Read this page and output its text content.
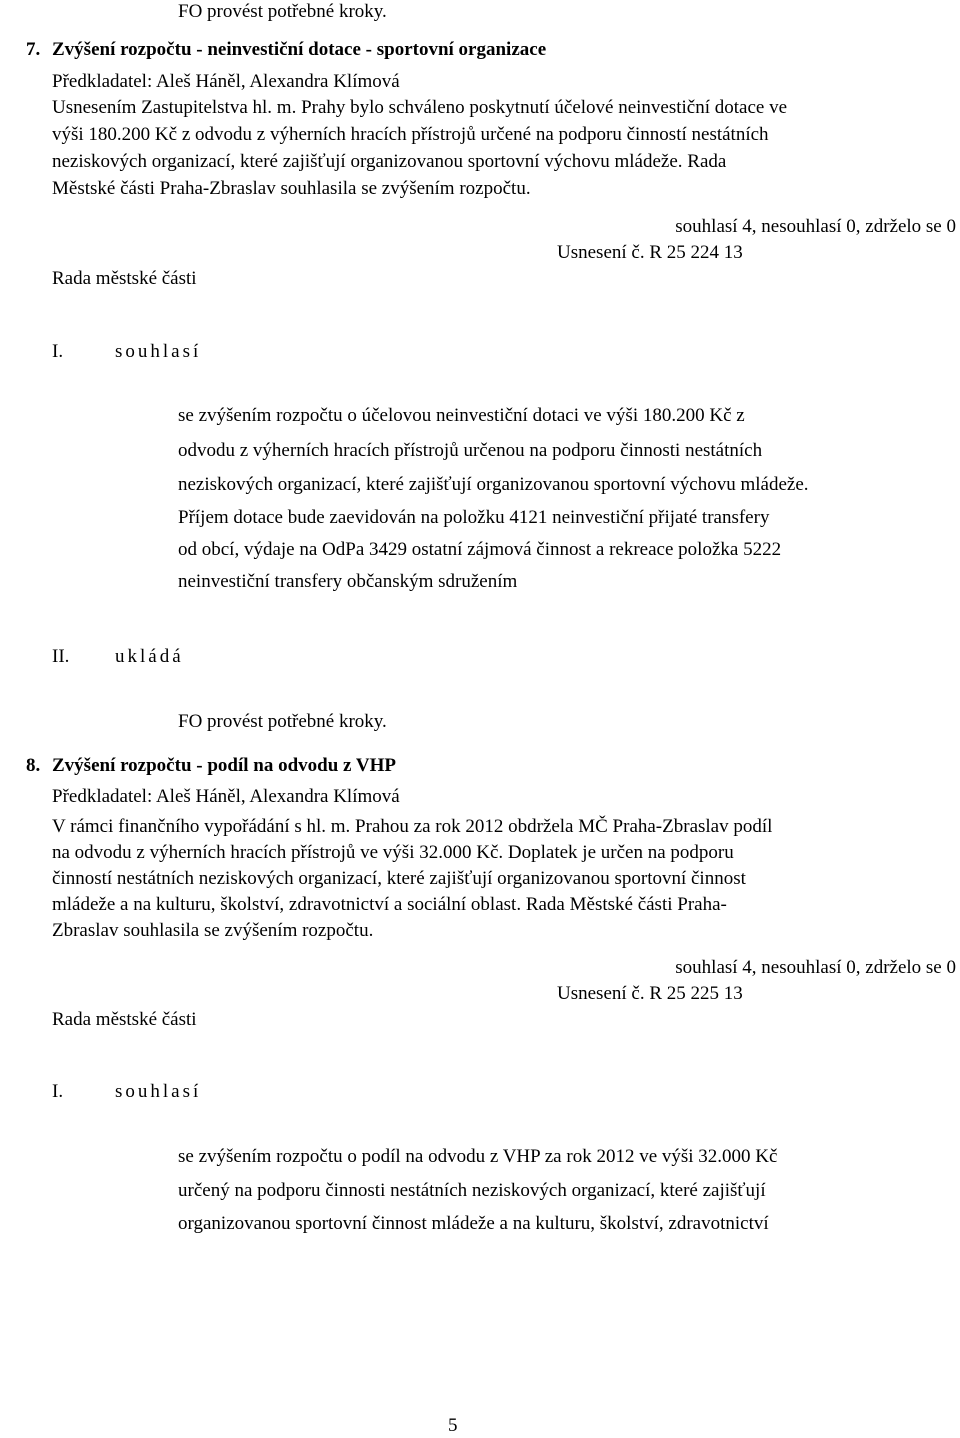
FO provést potřebné kroky.
7. Zvýšení rozpočtu - neinvestiční dotace - sportovní organizace
Předkladatel: Aleš Háněl, Alexandra Klímová
Usnesením Zastupitelstva hl. m. Prahy bylo schváleno poskytnutí účelové neinvestiční dotace ve
výši 180.200 Kč z odvodu z výherních hracích přístrojů určené na podporu činností nestátních
neziskových organizací, které zajišťují organizovanou sportovní výchovu mládeže. Rada
Městské části Praha-Zbraslav souhlasila se zvýšením rozpočtu.
souhlasí 4, nesouhlasí 0, zdrželo se 0
Usnesení č. R 25 224 13
Rada městské části
I.	souhlasí
se zvýšením rozpočtu o účelovou neinvestiční dotaci ve výši 180.200 Kč z
odvodu z výherních hracích přístrojů určenou na podporu činnosti nestátních
neziskových organizací, které zajišťují organizovanou sportovní výchovu mládeže.
Příjem dotace bude zaevidován na položku 4121 neinvestiční přijaté transfery
od obcí, výdaje na OdPa 3429 ostatní zájmová činnost a rekreace položka 5222
neinvestiční transfery občanským sdružením
II. ukládá
FO provést potřebné kroky.
8. Zvýšení rozpočtu - podíl na odvodu z VHP
Předkladatel: Aleš Háněl, Alexandra Klímová
V rámci finančního vypořádání s hl. m. Prahou za rok 2012 obdržela MČ Praha-Zbraslav podíl
na odvodu z výherních hracích přístrojů ve výši 32.000 Kč. Doplatek je určen na podporu
činností nestátních neziskových organizací, které zajišťují organizovanou sportovní činnost
mládeže a na kulturu, školství, zdravotnictví a sociální oblast. Rada Městské části Praha-
Zbraslav souhlasila se zvýšením rozpočtu.
souhlasí 4, nesouhlasí 0, zdrželo se 0
Usnesení č. R 25 225 13
Rada městské části
I.	souhlasí
se zvýšením rozpočtu o podíl na odvodu z VHP za rok 2012 ve výši 32.000 Kč
určený na podporu činnosti nestátních neziskových organizací, které zajišťují
organizovanou sportovní činnost mládeže a na kulturu, školství, zdravotnictví
5
